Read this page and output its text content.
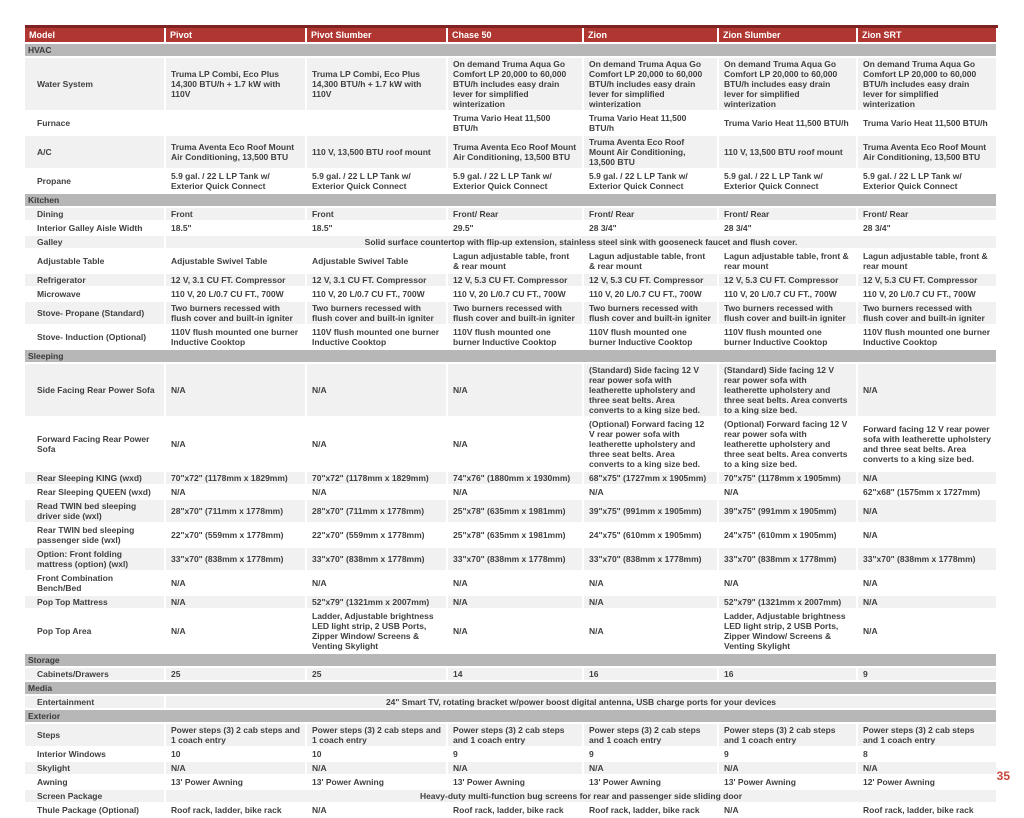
Model	Pivot	Pivot Slumber	Chase 50	Zion	Zion Slumber	Zion SRT
HVAC						
Water System	Truma LP Combi, Eco Plus 14,300 BTU/h + 1.7 kW with 110V	Truma LP Combi, Eco Plus 14,300 BTU/h + 1.7 kW with 110V	On demand Truma Aqua Go Comfort LP 20,000 to 60,000 BTU/h includes easy drain lever for simplified winterization	On demand Truma Aqua Go Comfort LP 20,000 to 60,000 BTU/h includes easy drain lever for simplified winterization	On demand Truma Aqua Go Comfort LP 20,000 to 60,000 BTU/h includes easy drain lever for simplified winterization	On demand Truma Aqua Go Comfort LP 20,000 to 60,000 BTU/h includes easy drain lever for simplified winterization
Furnace			Truma Vario Heat 11,500 BTU/h	Truma Vario Heat 11,500 BTU/h	Truma Vario Heat 11,500 BTU/h	Truma Vario Heat 11,500 BTU/h
A/C	Truma Aventa Eco Roof Mount Air Conditioning, 13,500 BTU	110 V, 13,500 BTU roof mount	Truma Aventa Eco Roof Mount Air Conditioning, 13,500 BTU	Truma Aventa Eco Roof Mount Air Conditioning, 13,500 BTU	110 V, 13,500 BTU roof mount	Truma Aventa Eco Roof Mount Air Conditioning, 13,500 BTU
Propane	5.9 gal. / 22 L LP Tank w/ Exterior Quick Connect	5.9 gal. / 22 L LP Tank w/ Exterior Quick Connect	5.9 gal. / 22 L LP Tank w/ Exterior Quick Connect	5.9 gal. / 22 L LP Tank w/ Exterior Quick Connect	5.9 gal. / 22 L LP Tank w/ Exterior Quick Connect	5.9 gal. / 22 L LP Tank w/ Exterior Quick Connect
Kitchen						
Dining	Front	Front	Front/ Rear	Front/ Rear	Front/ Rear	Front/ Rear
Interior Galley Aisle Width	18.5"	18.5"	29.5"	28 3/4"	28 3/4"	28 3/4"
Galley	Solid surface countertop with flip-up extension, stainless steel sink with gooseneck faucet and flush cover.					
Adjustable Table	Adjustable Swivel Table	Adjustable Swivel Table	Lagun adjustable table, front & rear mount	Lagun adjustable table, front & rear mount	Lagun adjustable table, front & rear mount	Lagun adjustable table, front & rear mount
Refrigerator	12 V, 3.1 CU FT. Compressor	12 V, 3.1 CU FT. Compressor	12 V, 5.3 CU FT. Compressor	12 V, 5.3 CU FT. Compressor	12 V, 5.3 CU FT. Compressor	12 V, 5.3 CU FT. Compressor
Microwave	110 V, 20 L/0.7 CU FT., 700W	110 V, 20 L/0.7 CU FT., 700W	110 V, 20 L/0.7 CU FT., 700W	110 V, 20 L/0.7 CU FT., 700W	110 V, 20 L/0.7 CU FT., 700W	110 V, 20 L/0.7 CU FT., 700W
Stove- Propane (Standard)	Two burners recessed with flush cover and built-in igniter	Two burners recessed with flush cover and built-in igniter	Two burners recessed with flush cover and built-in igniter	Two burners recessed with flush cover and built-in igniter	Two burners recessed with flush cover and built-in igniter	Two burners recessed with flush cover and built-in igniter
Stove- Induction (Optional)	110V flush mounted one burner Inductive Cooktop	110V flush mounted one burner Inductive Cooktop	110V flush mounted one burner Inductive Cooktop	110V flush mounted one burner Inductive Cooktop	110V flush mounted one burner Inductive Cooktop	110V flush mounted one burner Inductive Cooktop
Sleeping						
Side Facing Rear Power Sofa	N/A	N/A	N/A	(Standard) Side facing 12 V rear power sofa with leatherette upholstery and three seat belts. Area converts to a king size bed.	(Standard) Side facing 12 V rear power sofa with leatherette upholstery and three seat belts. Area converts to a king size bed.	N/A
Forward Facing Rear Power Sofa	N/A	N/A	N/A	(Optional) Forward facing 12 V rear power sofa with leatherette upholstery and three seat belts. Area converts to a king size bed.	(Optional) Forward facing 12 V rear power sofa with leatherette upholstery and three seat belts. Area converts to a king size bed.	Forward facing 12 V rear power sofa with leatherette upholstery and three seat belts. Area converts to a king size bed.
Rear Sleeping KING (wxd)	70"x72" (1178mm x 1829mm)	70"x72" (1178mm x 1829mm)	74"x76" (1880mm x 1930mm)	68"x75" (1727mm x 1905mm)	70"x75" (1178mm x 1905mm)	N/A
Rear Sleeping QUEEN (wxd)	N/A	N/A	N/A	N/A	N/A	62"x68" (1575mm x 1727mm)
Read TWIN bed sleeping driver side (wxl)	28"x70" (711mm x 1778mm)	28"x70" (711mm x 1778mm)	25"x78" (635mm x 1981mm)	39"x75" (991mm x 1905mm)	39"x75" (991mm x 1905mm)	N/A
Rear TWIN bed sleeping passenger side (wxl)	22"x70" (559mm x 1778mm)	22"x70" (559mm x 1778mm)	25"x78" (635mm x 1981mm)	24"x75" (610mm x 1905mm)	24"x75" (610mm x 1905mm)	N/A
Option: Front folding mattress (option) (wxl)	33"x70" (838mm x 1778mm)	33"x70" (838mm x 1778mm)	33"x70" (838mm x 1778mm)	33"x70" (838mm x 1778mm)	33"x70" (838mm x 1778mm)	33"x70" (838mm x 1778mm)
Front Combination Bench/Bed	N/A	N/A	N/A	N/A	N/A	N/A
Pop Top Mattress	N/A	52"x79" (1321mm x 2007mm)	N/A	N/A	52"x79" (1321mm x 2007mm)	N/A
Pop Top Area	N/A	Ladder, Adjustable brightness LED light strip, 2 USB Ports, Zipper Window/ Screens & Venting Skylight	N/A	N/A	Ladder, Adjustable brightness LED light strip, 2 USB Ports, Zipper Window/ Screens & Venting Skylight	N/A
Storage						
Cabinets/Drawers	25	25	14	16	16	9
Media						
Entertainment	24" Smart TV, rotating bracket w/power boost digital antenna, USB charge ports for your devices					
Exterior						
Steps	Power steps (3) 2 cab steps and 1 coach entry	Power steps (3) 2 cab steps and 1 coach entry	Power steps (3) 2 cab steps and 1 coach entry	Power steps (3) 2 cab steps and 1 coach entry	Power steps (3) 2 cab steps and 1 coach entry	Power steps (3) 2 cab steps and 1 coach entry
Interior Windows	10	10	9	9	9	8
Skylight	N/A	N/A	N/A	N/A	N/A	N/A
Awning	13' Power Awning	13' Power Awning	13' Power Awning	13' Power Awning	13' Power Awning	12' Power Awning
Screen Package	Heavy-duty multi-function bug screens for rear and passenger side sliding door					
Thule Package (Optional)	Roof rack, ladder, bike rack	N/A	Roof rack, ladder, bike rack	Roof rack, ladder, bike rack	N/A	Roof rack, ladder, bike rack
35
